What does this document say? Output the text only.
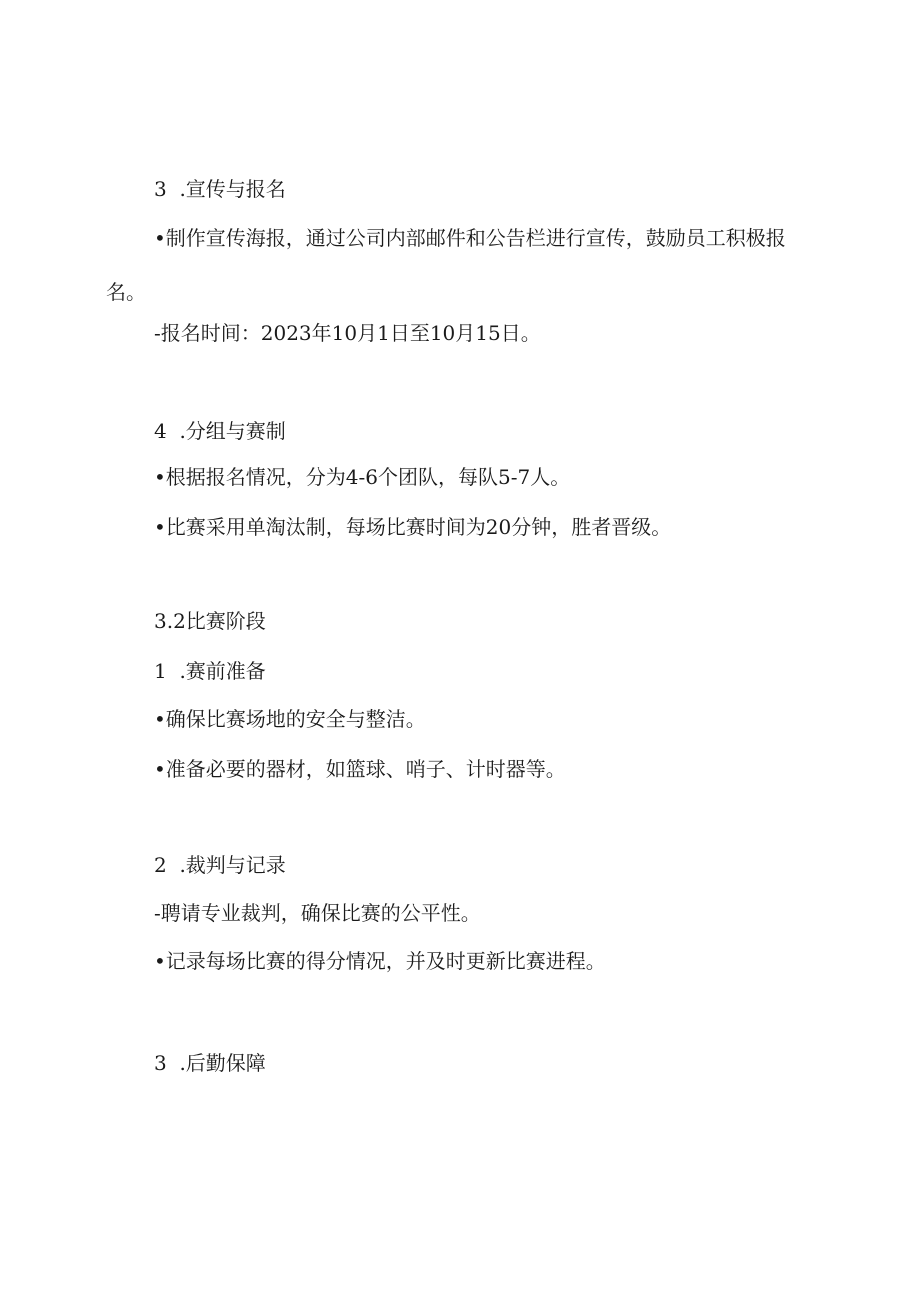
3  .宣传与报名
•制作宣传海报，通过公司内部邮件和公告栏进行宣传，鼓励员工积极报名。
-报名时间：2023年10月1日至10月15日。
4  .分组与赛制
•根据报名情况，分为4-6个团队，每队5-7人。
•比赛采用单淘汰制，每场比赛时间为20分钟，胜者晋级。
3.2比赛阶段
1  .赛前准备
•确保比赛场地的安全与整洁。
•准备必要的器材，如篮球、哨子、计时器等。
2  .裁判与记录
-聘请专业裁判，确保比赛的公平性。
•记录每场比赛的得分情况，并及时更新比赛进程。
3  .后勤保障
